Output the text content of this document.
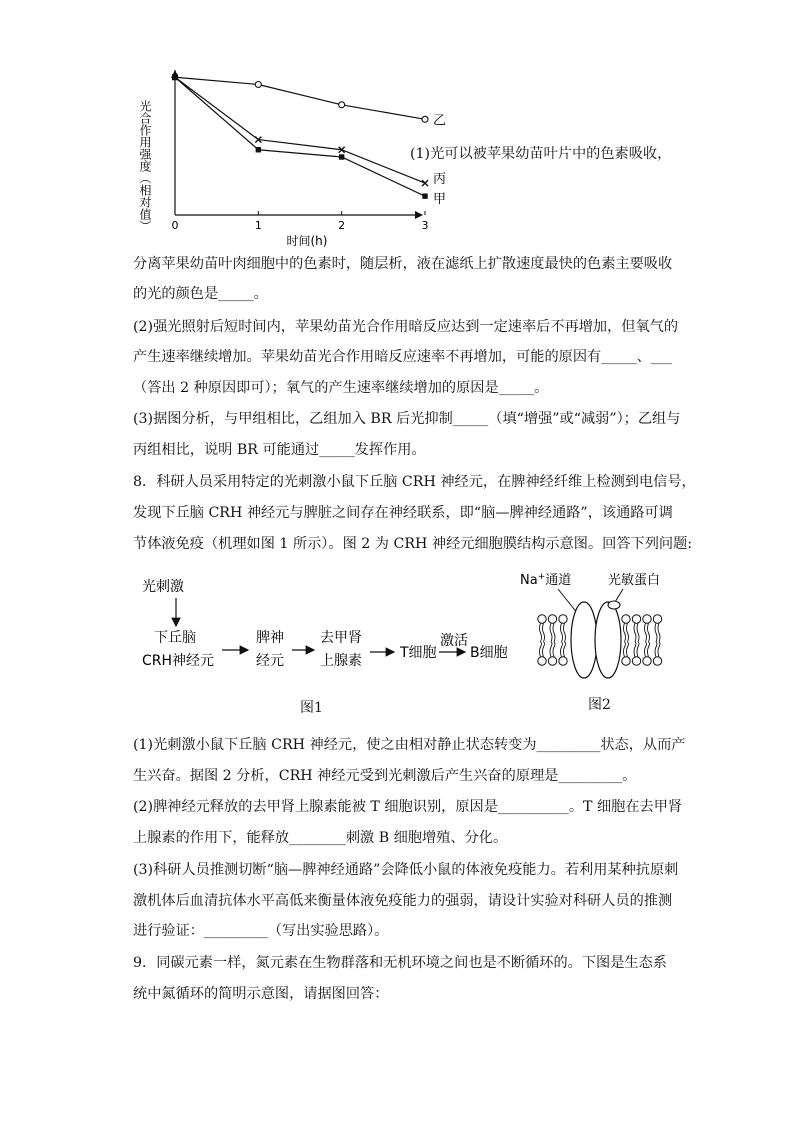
0	1	2	3
时间(h)
光合作用强度（相对值）	乙
丙
甲
(1)光可以被苹果幼苗叶片中的色素吸收，
分离苹果幼苗叶肉细胞中的色素时，随层析，液在滤纸上扩散速度最快的色素主要吸收
的光的颜色是_____。
(2)强光照射后短时间内，苹果幼苗光合作用暗反应达到一定速率后不再增加，但氧气的
产生速率继续增加。苹果幼苗光合作用暗反应速率不再增加，可能的原因有_____、___
（答出 2 种原因即可）；氧气的产生速率继续增加的原因是_____。
(3)据图分析，与甲组相比，乙组加入 BR 后光抑制_____（填“增强”或“减弱”）；乙组与
丙组相比，说明 BR 可能通过_____发挥作用。
8．科研人员采用特定的光刺激小鼠下丘脑 CRH 神经元，在脾神经纤维上检测到电信号，
发现下丘脑 CRH 神经元与脾脏之间存在神经联系，即“脑—脾神经通路”，该通路可调
节体液免疫（机理如图 1 所示）。图 2 为 CRH 神经元细胞膜结构示意图。回答下列问题:
光刺激
下丘脑
CRH神经元
脾神
经元
去甲肾
上腺素	T细胞
激活
B细胞
图1
Na+通道	光敏蛋白
图2
(1)光刺激小鼠下丘脑 CRH 神经元，使之由相对静止状态转变为_________状态，从而产
生兴奋。据图 2 分析，CRH 神经元受到光刺激后产生兴奋的原理是_________。
(2)脾神经元释放的去甲肾上腺素能被 T 细胞识别，原因是__________。T 细胞在去甲肾
上腺素的作用下，能释放________刺激 B 细胞增殖、分化。
(3)科研人员推测切断“脑—脾神经通路”会降低小鼠的体液免疫能力。若利用某种抗原刺
激机体后血清抗体水平高低来衡量体液免疫能力的强弱，请设计实验对科研人员的推测
进行验证：_________（写出实验思路）。
9．同碳元素一样，氮元素在生物群落和无机环境之间也是不断循环的。下图是生态系
统中氮循环的简明示意图，请据图回答：
